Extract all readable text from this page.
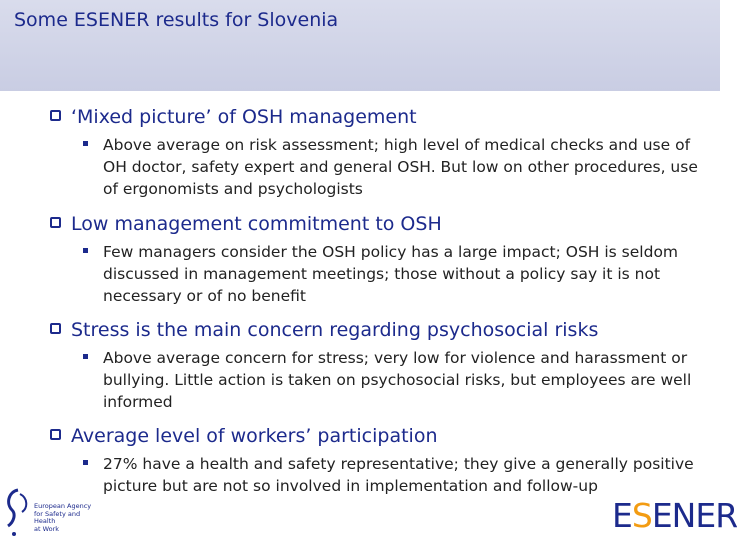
Some ESENER results for Slovenia
‘Mixed picture’ of OSH management
Above average on risk assessment; high level of medical checks and use of OH doctor, safety expert and general OSH. But low on other procedures, use of ergonomists and psychologists
Low management commitment to OSH
Few managers consider the OSH policy has a large impact; OSH is seldom discussed in management meetings; those without a policy say it is not necessary or of no benefit
Stress is the main concern regarding psychosocial risks
Above average concern for stress; very low for violence and harassment or bullying. Little action is taken on psychosocial risks, but employees are well informed
Average level of workers’ participation
27% have a health and safety representative; they give a generally positive picture but are not so involved in implementation and follow-up
European Agency
for Safety and Health
at Work	ESENER
